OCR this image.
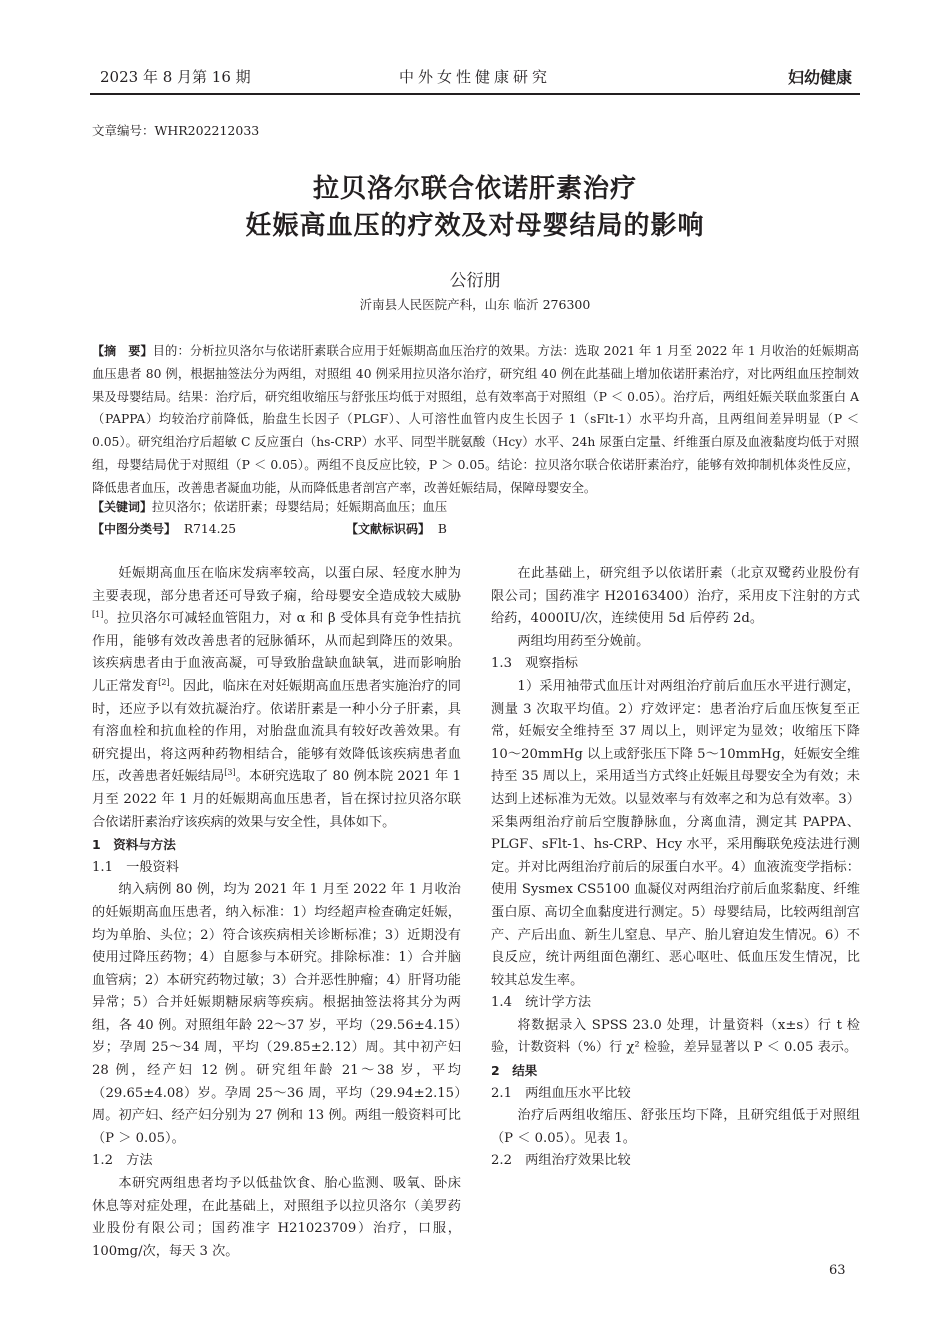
2023 年 8 月第 16 期	中外女性健康研究	妇幼健康
文章编号：WHR202212033
拉贝洛尔联合依诺肝素治疗
妊娠高血压的疗效及对母婴结局的影响
公衍朋
沂南县人民医院产科，山东 临沂 276300

【摘　要】目的：分析拉贝洛尔与依诺肝素联合应用于妊娠期高血压治疗的效果。方法：选取 2021 年 1 月至 2022 年 1 月收治的妊娠期高血压患者 80 例，根据抽签法分为两组，对照组 40 例采用拉贝洛尔治疗，研究组 40 例在此基础上增加依诺肝素治疗，对比两组血压控制效果及母婴结局。结果：治疗后，研究组收缩压与舒张压均低于对照组，总有效率高于对照组（P ＜ 0.05）。治疗后，两组妊娠关联血浆蛋白 A（PAPPA）均较治疗前降低，胎盘生长因子（PLGF）、人可溶性血管内皮生长因子 1（sFlt-1）水平均升高，且两组间差异明显（P ＜ 0.05）。研究组治疗后超敏 C 反应蛋白（hs-CRP）水平、同型半胱氨酸（Hcy）水平、24h 尿蛋白定量、纤维蛋白原及血液黏度均低于对照组，母婴结局优于对照组（P ＜ 0.05）。两组不良反应比较，P ＞ 0.05。结论：拉贝洛尔联合依诺肝素治疗，能够有效抑制机体炎性反应，降低患者血压，改善患者凝血功能，从而降低患者剖宫产率，改善妊娠结局，保障母婴安全。

【关键词】拉贝洛尔；依诺肝素；母婴结局；妊娠期高血压；血压
【中图分类号】 R714.25	【文献标识码】 B

妊娠期高血压在临床发病率较高，以蛋白尿、轻度水肿为主要表现，部分患者还可导致子痫，给母婴安全造成较大威胁[1]。拉贝洛尔可减轻血管阻力，对 α 和 β 受体具有竞争性拮抗作用，能够有效改善患者的冠脉循环，从而起到降压的效果。该疾病患者由于血液高凝，可导致胎盘缺血缺氧，进而影响胎儿正常发育[2]。因此，临床在对妊娠期高血压患者实施治疗的同时，还应予以有效抗凝治疗。依诺肝素是一种小分子肝素，具有溶血栓和抗血栓的作用，对胎盘血流具有较好改善效果。有研究提出，将这两种药物相结合，能够有效降低该疾病患者血压，改善患者妊娠结局[3]。本研究选取了 80 例本院 2021 年 1 月至 2022 年 1 月的妊娠期高血压患者，旨在探讨拉贝洛尔联合依诺肝素治疗该疾病的效果与安全性，具体如下。

1　资料与方法

1.1　一般资料

纳入病例 80 例，均为 2021 年 1 月至 2022 年 1 月收治的妊娠期高血压患者，纳入标准：1）均经超声检查确定妊娠，均为单胎、头位；2）符合该疾病相关诊断标准；3）近期没有使用过降压药物；4）自愿参与本研究。排除标准：1）合并脑血管病；2）本研究药物过敏；3）合并恶性肿瘤；4）肝肾功能异常；5）合并妊娠期糖尿病等疾病。根据抽签法将其分为两组，各 40 例。对照组年龄 22～37 岁，平均（29.56±4.15）岁；孕周 25～34 周，平均（29.85±2.12）周。其中初产妇 28 例，经产妇 12 例。研究组年龄 21～38 岁，平均（29.65±4.08）岁。孕周 25～36 周，平均（29.94±2.15）周。初产妇、经产妇分别为 27 例和 13 例。两组一般资料可比（P ＞ 0.05）。

1.2　方法

本研究两组患者均予以低盐饮食、胎心监测、吸氧、卧床休息等对症处理，在此基础上，对照组予以拉贝洛尔（美罗药业股份有限公司；国药准字 H21023709）治疗，口服，100mg/次，每天 3 次。

在此基础上，研究组予以依诺肝素（北京双鹭药业股份有限公司；国药准字 H20163400）治疗，采用皮下注射的方式给药，4000IU/次，连续使用 5d 后停药 2d。

两组均用药至分娩前。

1.3　观察指标

1）采用袖带式血压计对两组治疗前后血压水平进行测定，测量 3 次取平均值。2）疗效评定：患者治疗后血压恢复至正常，妊娠安全维持至 37 周以上，则评定为显效；收缩压下降 10～20mmHg 以上或舒张压下降 5～10mmHg，妊娠安全维持至 35 周以上，采用适当方式终止妊娠且母婴安全为有效；未达到上述标准为无效。以显效率与有效率之和为总有效率。3）采集两组治疗前后空腹静脉血，分离血清，测定其 PAPPA、PLGF、sFlt-1、hs-CRP、Hcy 水平，采用酶联免疫法进行测定。并对比两组治疗前后的尿蛋白水平。4）血液流变学指标：使用 Sysmex CS5100 血凝仪对两组治疗前后血浆黏度、纤维蛋白原、高切全血黏度进行测定。5）母婴结局，比较两组剖宫产、产后出血、新生儿窒息、早产、胎儿窘迫发生情况。6）不良反应，统计两组面色潮红、恶心呕吐、低血压发生情况，比较其总发生率。

1.4　统计学方法

将数据录入 SPSS 23.0 处理，计量资料（x±s）行 t 检验，计数资料（%）行 χ² 检验，差异显著以 P ＜ 0.05 表示。

2　结果

2.1　两组血压水平比较

治疗后两组收缩压、舒张压均下降，且研究组低于对照组（P ＜ 0.05）。见表 1。

2.2　两组治疗效果比较

63
